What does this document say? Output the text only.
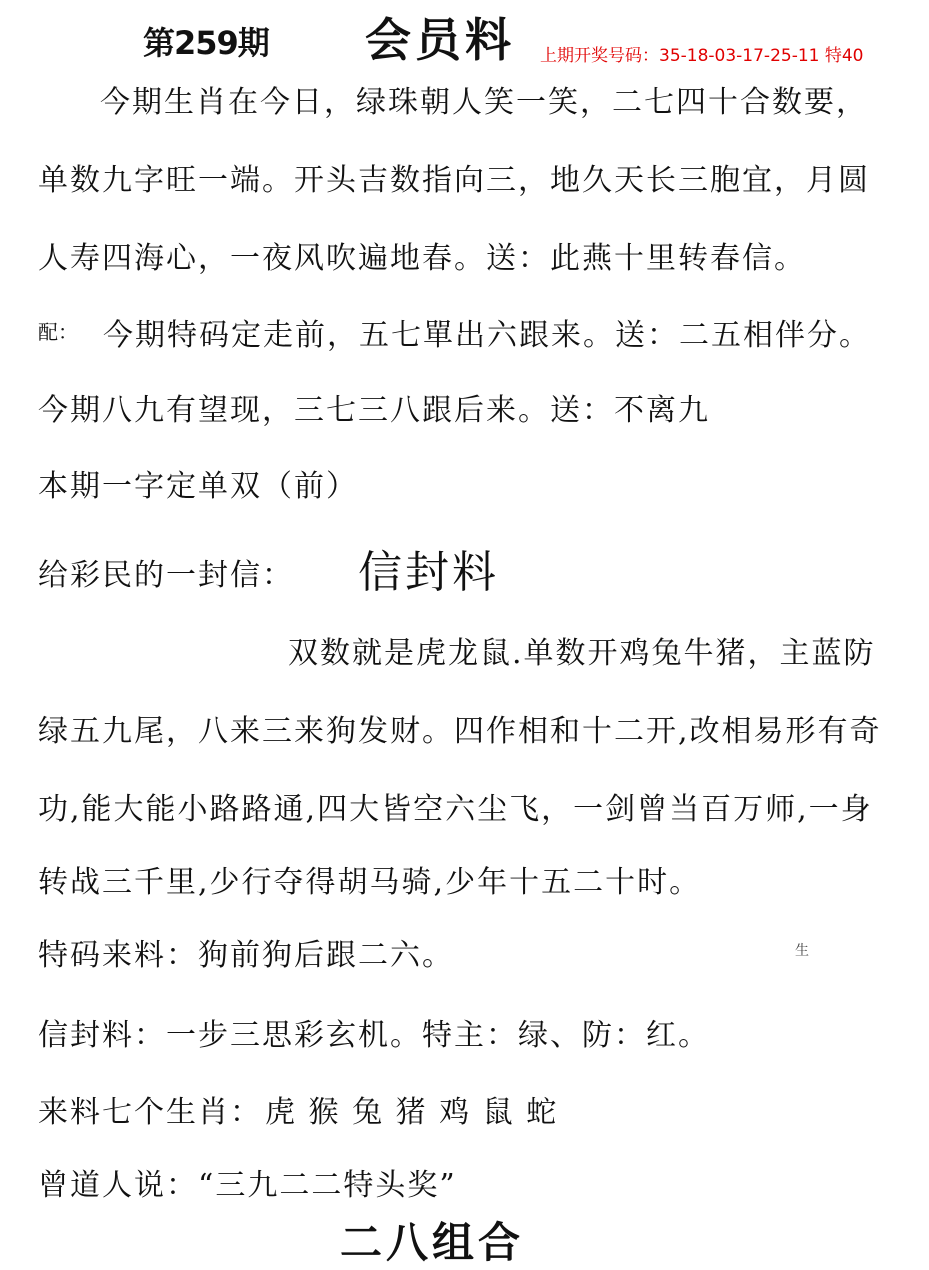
第259期 会员料 上期开奖号码：35-18-03-17-25-11 特40
今期生肖在今日，绿珠朝人笑一笑，二七四十合数要，
单数九字旺一端。开头吉数指向三，地久天长三胞宜，月圆
人寿四海心，一夜风吹遍地春。送：此燕十里转春信。
配： 今期特码定走前，五七單出六跟来。送：二五相伴分。
今期八九有望现，三七三八跟后来。送：不离九
本期一字定单双（前）
给彩民的一封信： 信封料
双数就是虎龙鼠.单数开鸡兔牛猪，主蓝防
绿五九尾，八来三来狗发财。四作相和十二开,改相易形有奇
功,能大能小路路通,四大皆空六尘飞，一剑曾当百万师,一身
转战三千里,少行夺得胡马骑,少年十五二十时。
特码来料：狗前狗后跟二六。	生
信封料：一步三思彩玄机。特主：绿、防：红。
来料七个生肖： 虎 猴 兔 猪 鸡 鼠 蛇
曾道人说：“三九二二特头奖”
二八组合
